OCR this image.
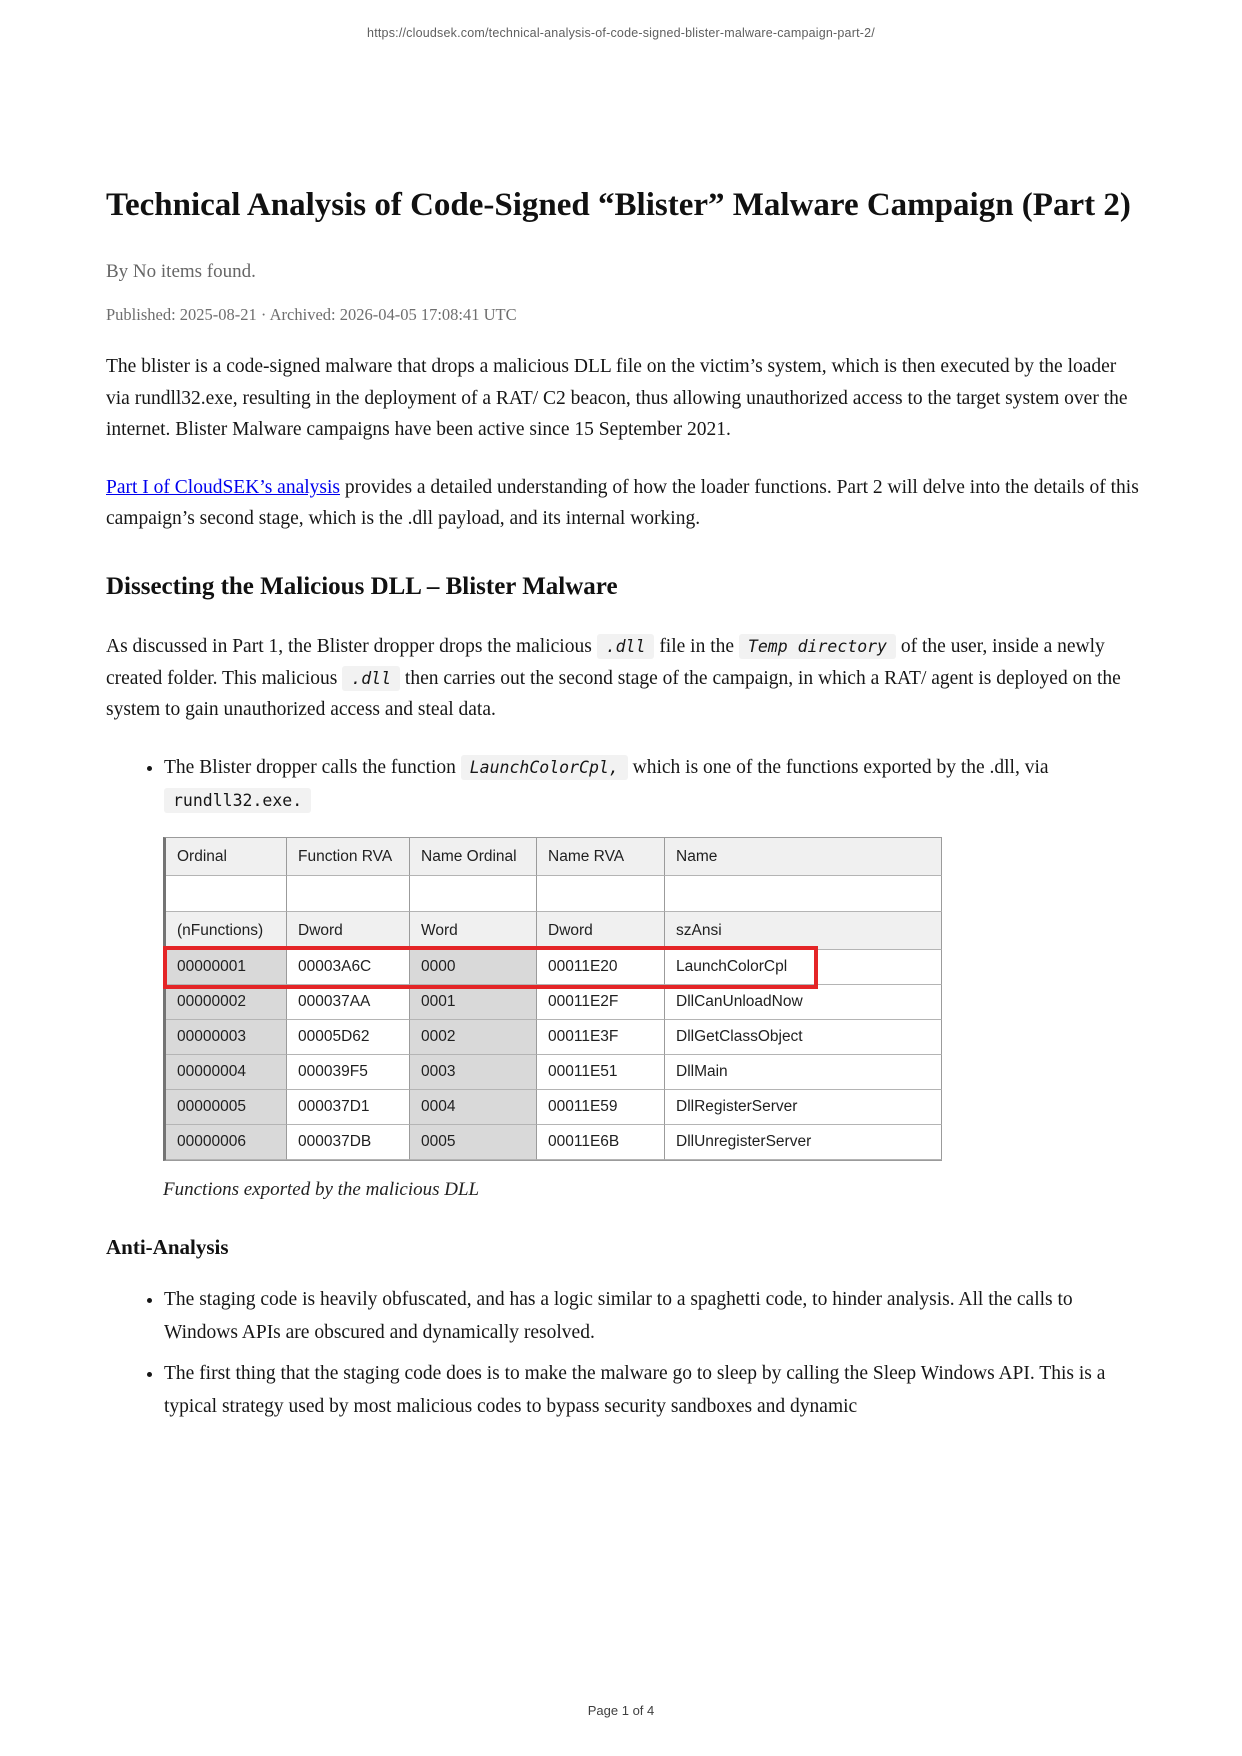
https://cloudsek.com/technical-analysis-of-code-signed-blister-malware-campaign-part-2/
Technical Analysis of Code-Signed “Blister” Malware Campaign (Part 2)
By No items found.
Published: 2025-08-21 · Archived: 2026-04-05 17:08:41 UTC

The blister is a code-signed malware that drops a malicious DLL file on the victim’s system, which is then executed by the loader via rundll32.exe, resulting in the deployment of a RAT/ C2 beacon, thus allowing unauthorized access to the target system over the internet. Blister Malware campaigns have been active since 15 September 2021.

Part I of CloudSEK’s analysis provides a detailed understanding of how the loader functions. Part 2 will delve into the details of this campaign’s second stage, which is the .dll payload, and its internal working.

Dissecting the Malicious DLL – Blister Malware

As discussed in Part 1, the Blister dropper drops the malicious .dll file in the Temp directory of the user, inside a newly created folder. This malicious .dll then carries out the second stage of the campaign, in which a RAT/ agent is deployed on the system to gain unauthorized access and steal data.

• The Blister dropper calls the function LaunchColorCpl, which is one of the functions exported by the .dll, via rundll32.exe.
Ordinal	Function RVA	Name Ordinal	Name RVA	Name
(nFunctions)	Dword	Word	Dword	szAnsi
00000001	00003A6C	0000	00011E20	LaunchColorCpl
00000002	000037AA	0001	00011E2F	DllCanUnloadNow
00000003	00005D62	0002	00011E3F	DllGetClassObject
00000004	000039F5	0003	00011E51	DllMain
00000005	000037D1	0004	00011E59	DllRegisterServer
00000006	000037DB	0005	00011E6B	DllUnregisterServer
Functions exported by the malicious DLL
Anti-Analysis
• The staging code is heavily obfuscated, and has a logic similar to a spaghetti code, to hinder analysis. All the calls to Windows APIs are obscured and dynamically resolved.
• The first thing that the staging code does is to make the malware go to sleep by calling the Sleep Windows API. This is a typical strategy used by most malicious codes to bypass security sandboxes and dynamic
Page 1 of 4
